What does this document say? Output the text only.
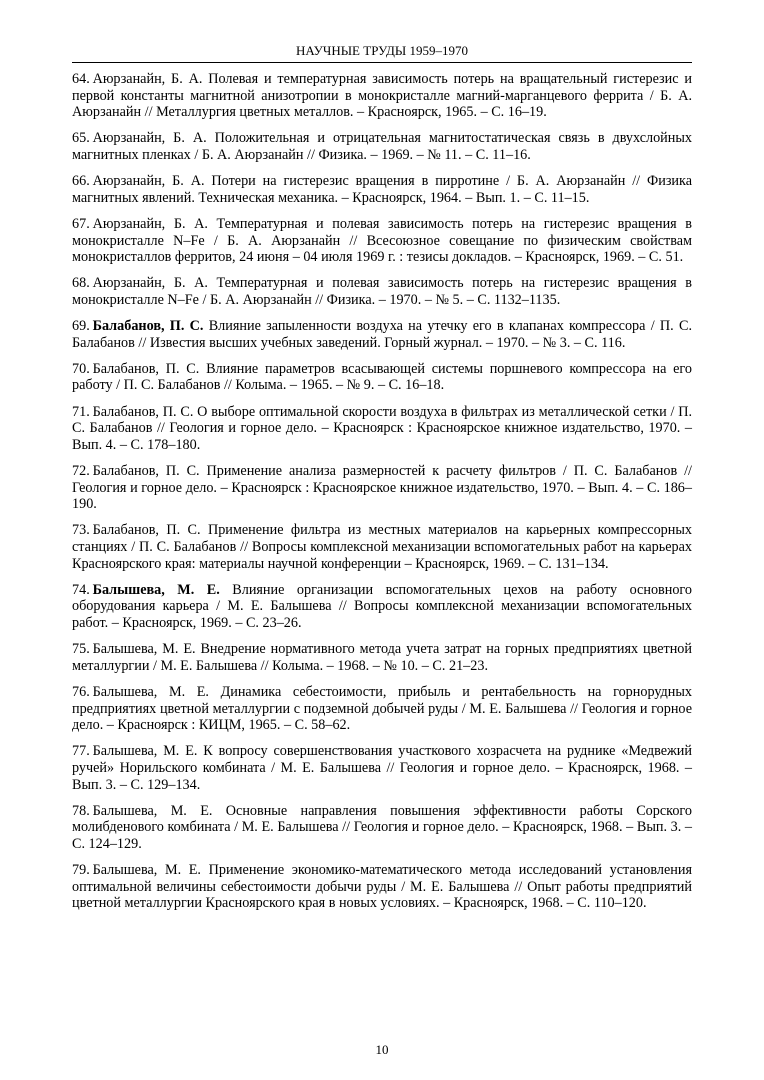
НАУЧНЫЕ ТРУДЫ 1959–1970

64.  Аюрзанайн, Б. А. Полевая и температурная зависимость потерь на вращательный гистерезис и первой константы магнитной анизотропии в монокристалле магний-марганцевого феррита / Б. А. Аюрзанайн // Металлургия цветных металлов. – Красноярск, 1965. – С. 16–19.

65.  Аюрзанайн, Б. А. Положительная и отрицательная магнитостатическая связь в двухслойных магнитных пленках / Б. А. Аюрзанайн // Физика. – 1969. – № 11. – С. 11–16.

66.  Аюрзанайн, Б. А. Потери на гистерезис вращения в пирротине / Б. А. Аюрзанайн // Физика магнитных явлений. Техническая механика. – Красноярск, 1964. – Вып. 1. – С. 11–15.

67.  Аюрзанайн, Б. А. Температурная и полевая зависимость потерь на гистерезис вращения в монокристалле N–Fe / Б. А. Аюрзанайн // Всесоюзное совещание по физическим свойствам монокристаллов ферритов, 24 июня – 04 июля 1969 г. : тезисы докладов. – Красноярск, 1969. – С. 51.

68.  Аюрзанайн, Б. А. Температурная и полевая зависимость потерь на гистерезис вращения в монокристалле N–Fe / Б. А. Аюрзанайн // Физика. – 1970. – № 5. – С. 1132–1135.

69.  Балабанов, П. С. Влияние запыленности воздуха на утечку его в клапанах компрессора / П. С. Балабанов // Известия высших учебных заведений. Горный журнал. – 1970. – № 3. – С. 116.

70.  Балабанов, П. С. Влияние параметров всасывающей системы поршневого компрессора на его работу / П. С. Балабанов // Колыма. – 1965. – № 9. – С. 16–18.

71.  Балабанов, П. С. О выборе оптимальной скорости воздуха в фильтрах из металлической сетки / П. С. Балабанов // Геология и горное дело. – Красноярск : Красноярское книжное издательство, 1970. – Вып. 4. – С. 178–180.

72.  Балабанов, П. С. Применение анализа размерностей к расчету фильтров / П. С. Балабанов // Геология и горное дело. – Красноярск : Красноярское книжное издательство, 1970. – Вып. 4. – С. 186–190.

73.  Балабанов, П. С. Применение фильтра из местных материалов на карьерных компрессорных станциях / П. С. Балабанов // Вопросы комплексной механизации вспомогательных работ на карьерах Красноярского края: материалы научной конференции – Красноярск, 1969. – С. 131–134.

74.  Балышева, М. Е. Влияние организации вспомогательных цехов на работу основного оборудования карьера / М. Е. Балышева // Вопросы комплексной механизации вспомогательных работ. – Красноярск, 1969. – С. 23–26.

75.  Балышева, М. Е. Внедрение нормативного метода учета затрат на горных предприятиях цветной металлургии / М. Е. Балышева // Колыма. – 1968. – № 10. – С. 21–23.

76.  Балышева, М. Е. Динамика себестоимости, прибыль и рентабельность на горнорудных предприятиях цветной металлургии с подземной добычей руды / М. Е. Балышева // Геология и горное дело. – Красноярск : КИЦМ, 1965. – С. 58–62.

77.  Балышева, М. Е. К вопросу совершенствования участкового хозрасчета на руднике «Медвежий ручей» Норильского комбината / М. Е. Балышева // Геология и горное дело. – Красноярск, 1968. – Вып. 3. – С. 129–134.

78.  Балышева, М. Е. Основные направления повышения эффективности работы Сорского молибденового комбината / М. Е. Балышева // Геология и горное дело. – Красноярск, 1968. – Вып. 3. – С. 124–129.

79.  Балышева, М. Е. Применение экономико-математического метода исследований установления оптимальной величины себестоимости добычи руды / М. Е. Балышева // Опыт работы предприятий цветной металлургии Красноярского края в новых условиях. – Красноярск, 1968. – С. 110–120.

10
